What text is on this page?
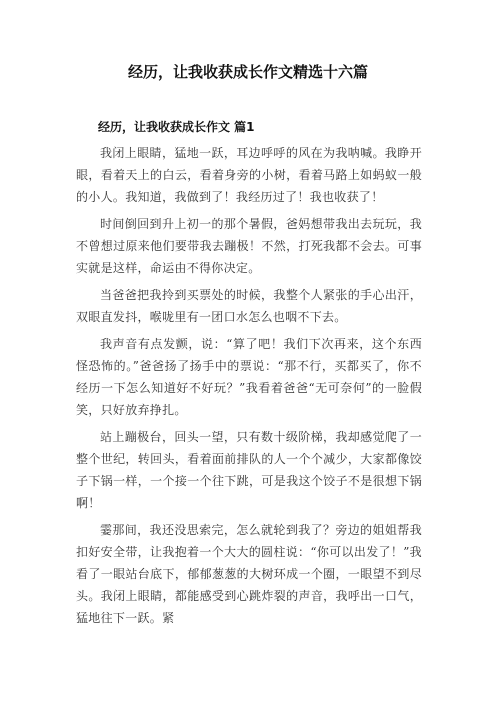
经历，让我收获成长作文精选十六篇
经历，让我收获成长作文 篇1

我闭上眼睛，猛地一跃，耳边呼呼的风在为我呐喊。我睁开眼，看着天上的白云，看着身旁的小树，看着马路上如蚂蚁一般的小人。我知道，我做到了！我经历过了！我也收获了！

时间倒回到升上初一的那个暑假，爸妈想带我出去玩玩，我不曾想过原来他们要带我去蹦极！不然，打死我都不会去。可事实就是这样，命运由不得你决定。

当爸爸把我拎到买票处的时候，我整个人紧张的手心出汗，双眼直发抖，喉咙里有一团口水怎么也咽不下去。

我声音有点发颤，说：“算了吧！我们下次再来，这个东西怪恐怖的。”爸爸扬了扬手中的票说：“那不行，买都买了，你不经历一下怎么知道好不好玩？”我看着爸爸“无可奈何”的一脸假笑，只好放弃挣扎。

站上蹦极台，回头一望，只有数十级阶梯，我却感觉爬了一整个世纪，转回头，看着面前排队的人一个个减少，大家都像饺子下锅一样，一个接一个往下跳，可是我这个饺子不是很想下锅啊！

霎那间，我还没思索完，怎么就轮到我了？旁边的姐姐帮我扣好安全带，让我抱着一个大大的圆柱说：“你可以出发了！”我看了一眼站台底下，郁郁葱葱的大树环成一个圈，一眼望不到尽头。我闭上眼睛，都能感受到心跳炸裂的声音，我呼出一口气，猛地往下一跃。紧
